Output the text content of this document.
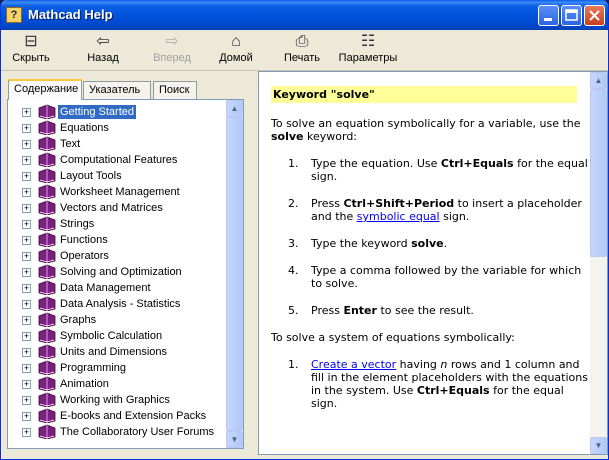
? Mathcad Help
⊟
Скрыть
⇦
Назад
⇨
Вперед
⌂
Домой
⎙
Печать
☷
Параметры
Содержание Указатель	Поиск
+	Getting Started
+	Equations
+	Text
+	Computational Features
+	Layout Tools
+	Worksheet Management
+	Vectors and Matrices
+	Strings
+	Functions
+	Operators
+	Solving and Optimization
+	Data Management
+	Data Analysis - Statistics
+	Graphs
+	Symbolic Calculation
+	Units and Dimensions
+	Programming
+	Animation
+	Working with Graphics
+	E-books and Extension Packs
+	The Collaboratory User Forums
▲
▼
Keyword "solve"

To solve an equation symbolically for a variable, use the solve keyword:

1. Type the equation. Use Ctrl+Equals for the equal sign.
2. Press Ctrl+Shift+Period to insert a placeholder and the symbolic equal sign.
3. Type the keyword solve.
4. Type a comma followed by the variable for which to solve.
5. Press Enter to see the result.

To solve a system of equations symbolically:

1. Create a vector having n rows and 1 column and fill in the element placeholders with the equations in the system. Use Ctrl+Equals for the equal sign.
▲
▼
